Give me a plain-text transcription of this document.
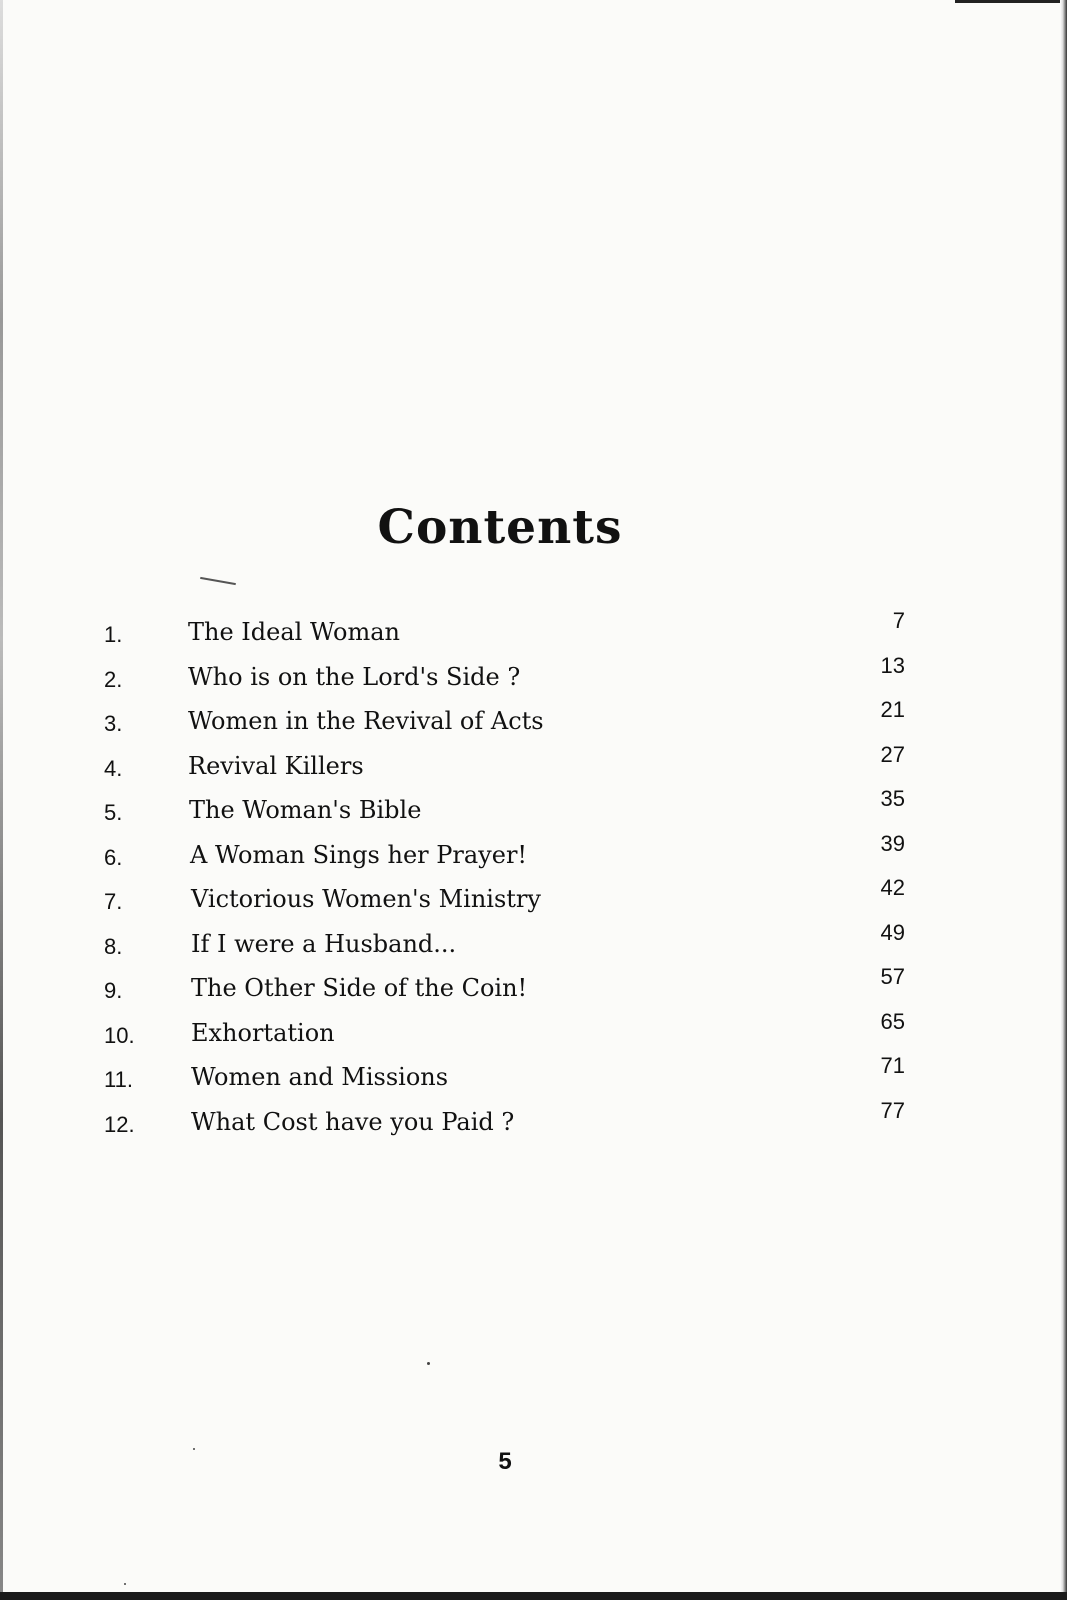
Contents
1.	The Ideal Woman	7
2.	Who is on the Lord's Side ?	13
3.	Women in the Revival of Acts	21
4.	Revival Killers	27
5.	The Woman's Bible	35
6.	A Woman Sings her Prayer!	39
7.	Victorious Women's Ministry	42
8.	If I were a Husband...	49
9.	The Other Side of the Coin!	57
10.	Exhortation	65
11.	Women and Missions	71
12.	What Cost have you Paid ?	77
5
